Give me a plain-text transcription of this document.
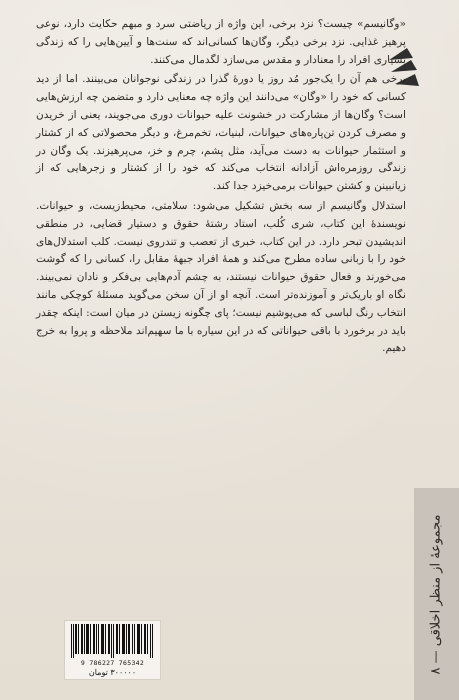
«وگانیسم» چیست؟ نزد برخی، این واژه از ریاضتی سرد و مبهم حکایت دارد، نوعی پرهیز غذایی. نزد برخی دیگر، وگان‌ها کسانی‌اند که سنت‌ها و آیین‌هایی را که زندگی بسیاری افراد را معنادار و مقدس می‌سازد لگدمال می‌کنند.

برخی هم آن را یک‌جور مُد روز یا دورهٔ گذرا در زندگی نوجوانان می‌بینند. اما از دید کسانی که خود را «وگان» می‌دانند این واژه چه معنایی دارد و متضمن چه ارزش‌هایی است؟ وگان‌ها از مشارکت در خشونت علیه حیوانات دوری می‌جویند، یعنی از خریدن و مصرف کردن تن‌پاره‌های حیوانات، لبنیات، تخم‌مرغ، و دیگر محصولاتی که از کشتار و استثمار حیوانات به دست می‌آید، مثل پشم، چرم و خز، می‌پرهیزند. یک وگان در زندگی روزمره‌اش آزادانه انتخاب می‌کند که خود را از کشتار و زجرهایی که از زیانبینن و کشتن حیوانات برمی‌خیزد جدا کند.

استدلال وگانیسم از سه بخش تشکیل می‌شود: سلامتی، محیط‌زیست، و حیوانات. نویسندهٔ این کتاب، شری کُلب، استاد رشتهٔ حقوق و دستیار قضایی، در منطقی اندیشیدن تبحر دارد. در این کتاب، خبری از تعصب و تندروی نیست. کلب استدلال‌های خود را با زبانی ساده مطرح می‌کند و همهٔ افراد جبههٔ مقابل را، کسانی را که گوشت می‌خورند و فعال حقوق حیوانات نیستند، به چشم آدم‌هایی بی‌فکر و نادان نمی‌بیند. نگاه او باریک‌تر و آموزنده‌تر است. آنچه او از آن سخن می‌گوید مسئلهٔ کوچکی مانند انتخاب رنگ لباسی که می‌پوشیم نیست؛ پای چگونه زیستن در میان است: اینکه چقدر باید در برخورد با باقی حیواناتی که در این سیاره با ما سهیم‌اند ملاحظه و پروا به خرج دهیم.

مجموعهٔ از منظر اخلاقی — ۸
9 786227 765342
۳۰۰۰۰۰ تومان
